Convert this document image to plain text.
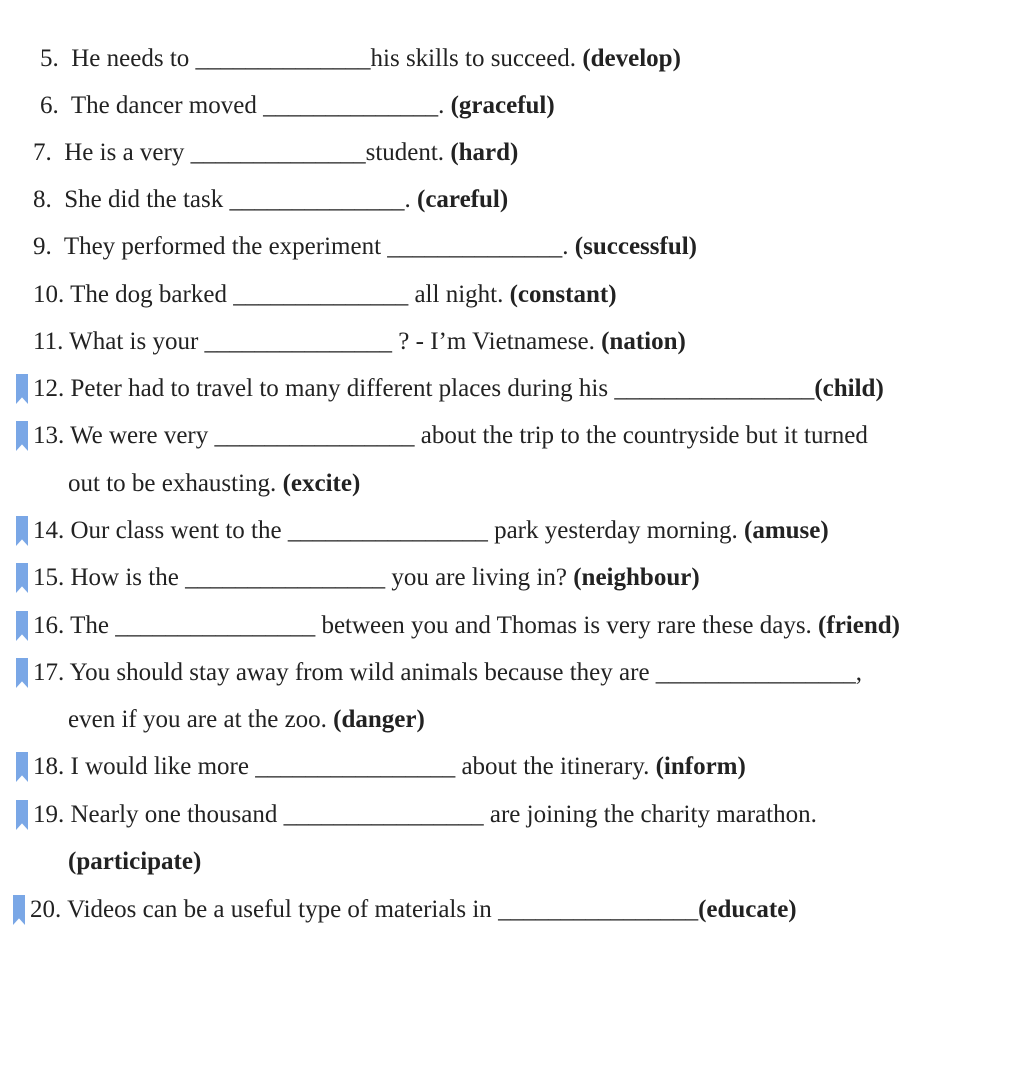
5. He needs to ______________his skills to succeed. (develop)
6. The dancer moved ______________. (graceful)
7. He is a very ______________student. (hard)
8. She did the task ______________. (careful)
9. They performed the experiment ______________. (successful)
10. The dog barked ______________ all night. (constant)
11. What is your _______________ ? - I’m Vietnamese. (nation)
12. Peter had to travel to many different places during his ________________(child)
13. We were very ________________ about the trip to the countryside but it turned
out to be exhausting. (excite)
14. Our class went to the ________________ park yesterday morning. (amuse)
15. How is the ________________ you are living in? (neighbour)
16. The ________________ between you and Thomas is very rare these days. (friend)
17. You should stay away from wild animals because they are ________________,
even if you are at the zoo. (danger)
18. I would like more ________________ about the itinerary. (inform)
19. Nearly one thousand ________________ are joining the charity marathon.
(participate)
20. Videos can be a useful type of materials in ________________(educate)
